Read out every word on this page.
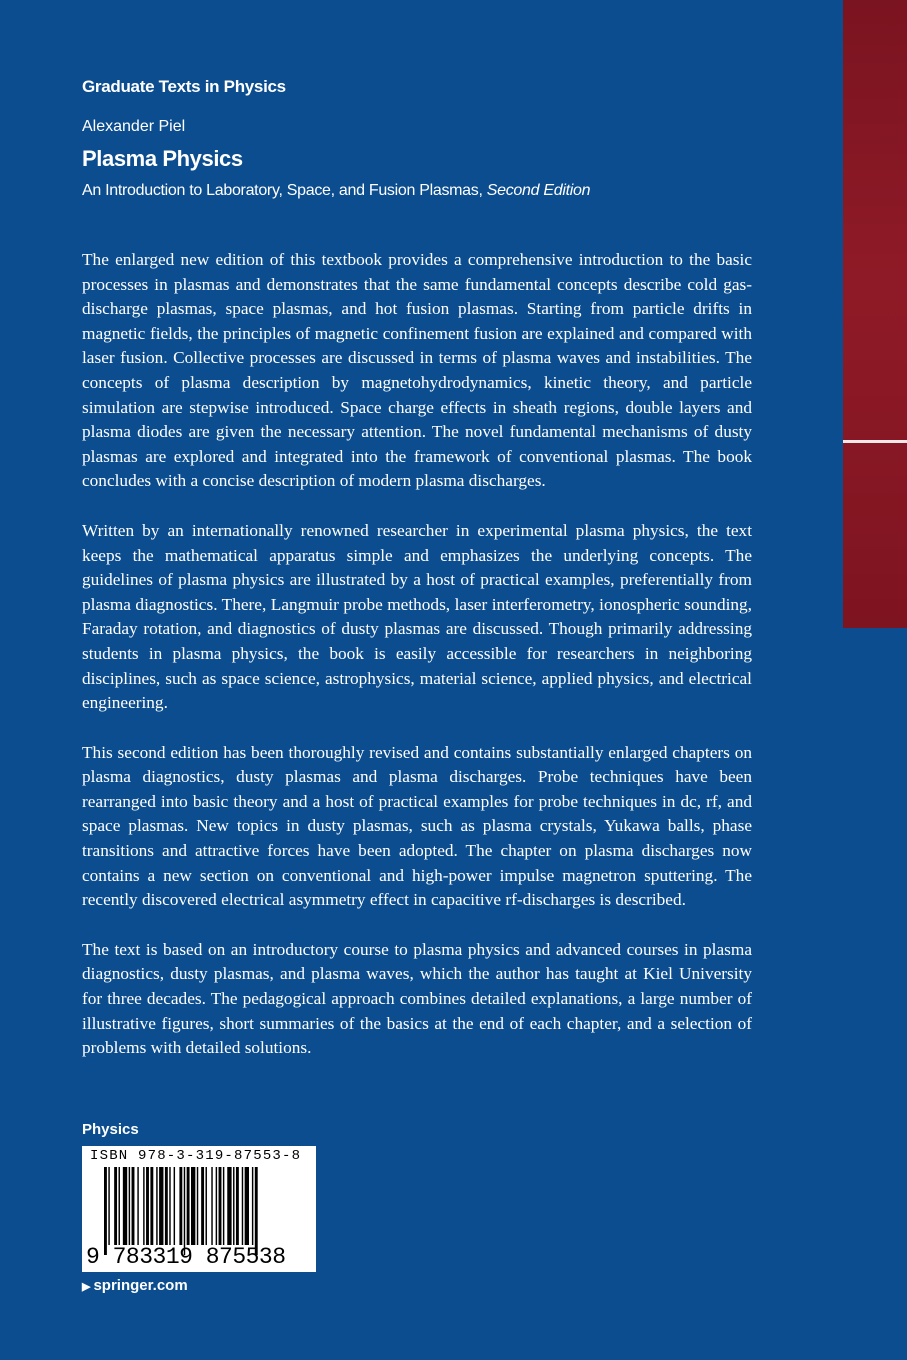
Graduate Texts in Physics
Alexander Piel
Plasma Physics
An Introduction to Laboratory, Space, and Fusion Plasmas, Second Edition

The enlarged new edition of this textbook provides a comprehensive introduction to the basic processes in plasmas and demonstrates that the same fundamental concepts describe cold gas-discharge plasmas, space plasmas, and hot fusion plasmas. Starting from particle drifts in magnetic fields, the principles of magnetic confinement fusion are explained and compared with laser fusion. Collective processes are discussed in terms of plasma waves and instabilities. The concepts of plasma description by magnetohydrodynamics, kinetic theory, and particle simulation are stepwise introduced. Space charge effects in sheath regions, double layers and plasma diodes are given the necessary attention. The novel fundamental mechanisms of dusty plasmas are explored and integrated into the framework of conventional plasmas. The book concludes with a concise description of modern plasma discharges.

Written by an internationally renowned researcher in experimental plasma physics, the text keeps the mathematical apparatus simple and emphasizes the underlying concepts. The guidelines of plasma physics are illustrated by a host of practical examples, preferentially from plasma diagnostics. There, Langmuir probe methods, laser interferometry, ionospheric sounding, Faraday rotation, and diagnostics of dusty plasmas are discussed. Though primarily addressing students in plasma physics, the book is easily accessible for researchers in neighboring disciplines, such as space science, astrophysics, material science, applied physics, and electrical engineering.

This second edition has been thoroughly revised and contains substantially enlarged chapters on plasma diagnostics, dusty plasmas and plasma discharges. Probe techniques have been rearranged into basic theory and a host of practical examples for probe techniques in dc, rf, and space plasmas. New topics in dusty plasmas, such as plasma crystals, Yukawa balls, phase transitions and attractive forces have been adopted. The chapter on plasma discharges now contains a new section on conventional and high-power impulse magnetron sputtering. The recently discovered electrical asymmetry effect in capacitive rf-discharges is described.

The text is based on an introductory course to plasma physics and advanced courses in plasma diagnostics, dusty plasmas, and plasma waves, which the author has taught at Kiel University for three decades. The pedagogical approach combines detailed explanations, a large number of illustrative figures, short summaries of the basics at the end of each chapter, and a selection of problems with detailed solutions.

Physics
ISBN 978-3-319-87553-8
9 783319 875538
▶ springer.com
